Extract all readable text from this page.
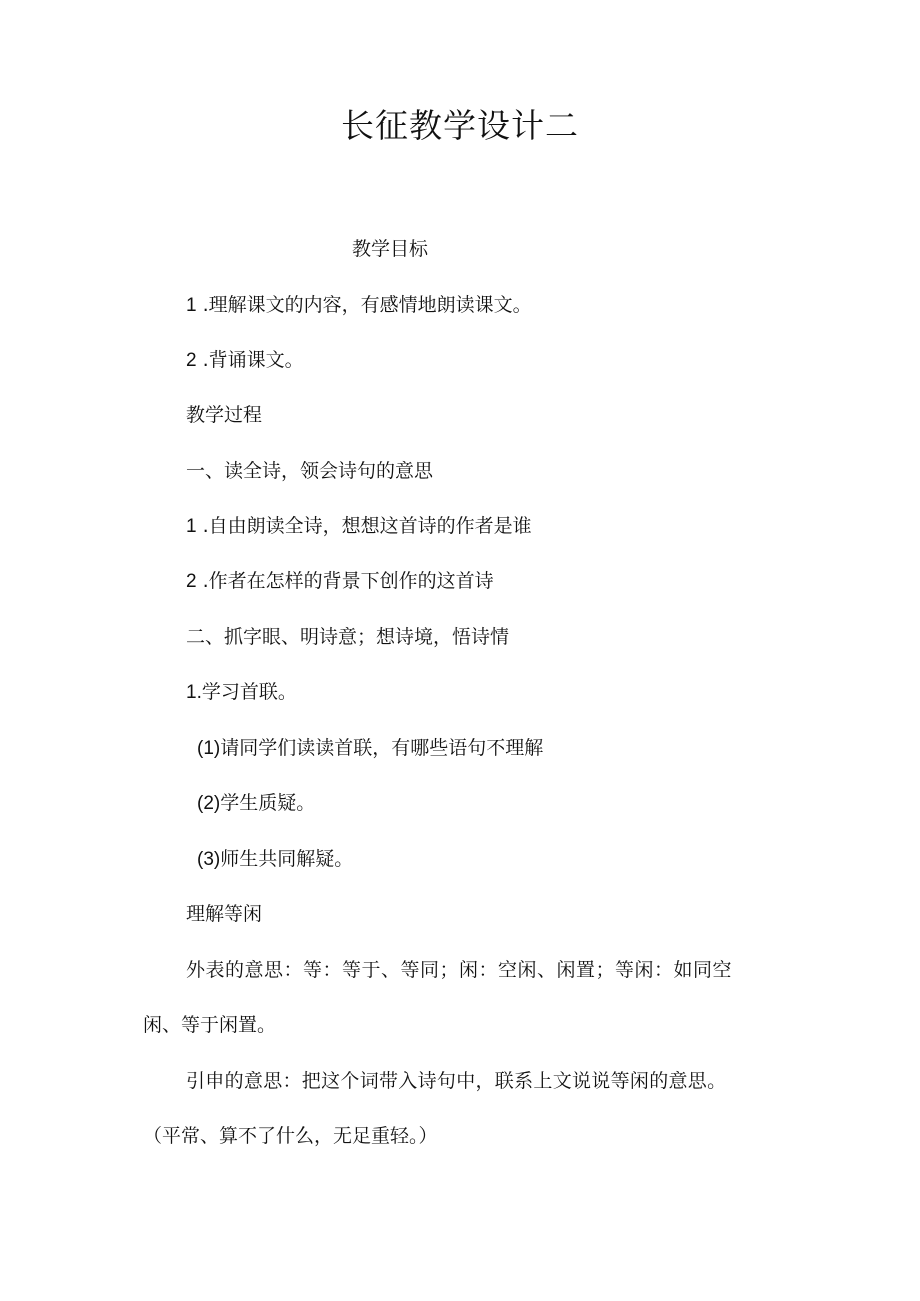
长征教学设计二

教学目标

1 .理解课文的内容，有感情地朗读课文。

2 .背诵课文。

教学过程

一、读全诗，领会诗句的意思

1 .自由朗读全诗，想想这首诗的作者是谁

2 .作者在怎样的背景下创作的这首诗

二、抓字眼、明诗意；想诗境，悟诗情

1.学习首联。

(1)请同学们读读首联，有哪些语句不理解

(2)学生质疑。

(3)师生共同解疑。

理解等闲

外表的意思：等：等于、等同；闲：空闲、闲置；等闲：如同空

闲、等于闲置。

引申的意思：把这个词带入诗句中，联系上文说说等闲的意思。

（平常、算不了什么，无足重轻。）
